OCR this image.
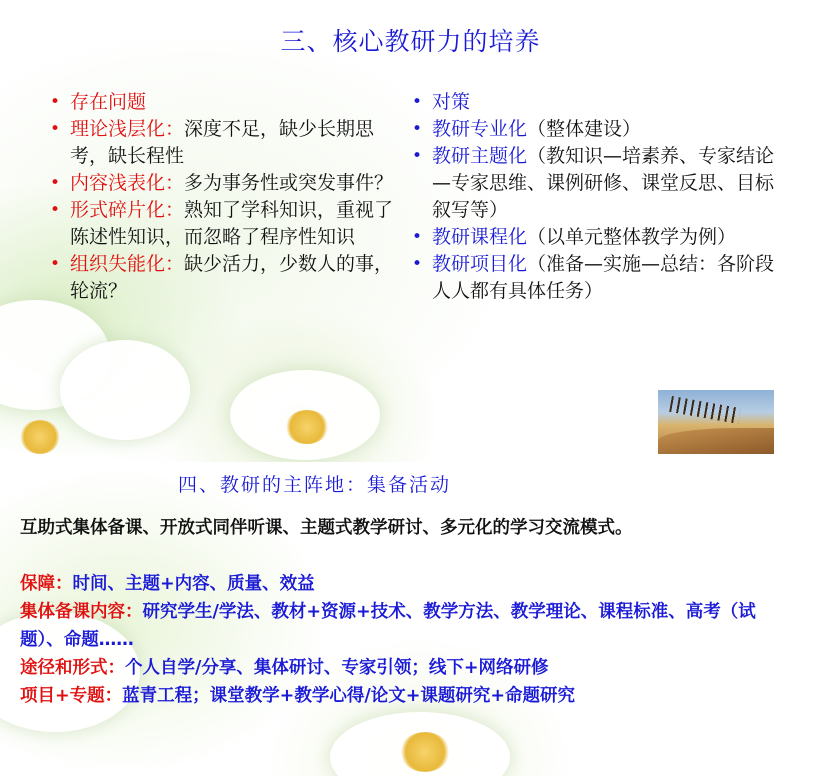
三、核心教研力的培养
• 存在问题
• 理论浅层化：深度不足，缺少长期思考，缺长程性
• 内容浅表化：多为事务性或突发事件？
• 形式碎片化：熟知了学科知识，重视了陈述性知识，而忽略了程序性知识
• 组织失能化：缺少活力，少数人的事，轮流？
• 对策
• 教研专业化（整体建设）
• 教研主题化（教知识—培素养、专家结论—专家思维、课例研修、课堂反思、目标叙写等）
• 教研课程化（以单元整体教学为例）
• 教研项目化（准备—实施—总结：各阶段人人都有具体任务）
四、教研的主阵地：集备活动
互助式集体备课、开放式同伴听课、主题式教学研讨、多元化的学习交流模式。
保障：时间、主题+内容、质量、效益
集体备课内容：研究学生/学法、教材+资源+技术、教学方法、教学理论、课程标准、高考（试题）、命题……
途径和形式：个人自学/分享、集体研讨、专家引领；线下+网络研修
项目+专题：蓝青工程；课堂教学+教学心得/论文+课题研究+命题研究
